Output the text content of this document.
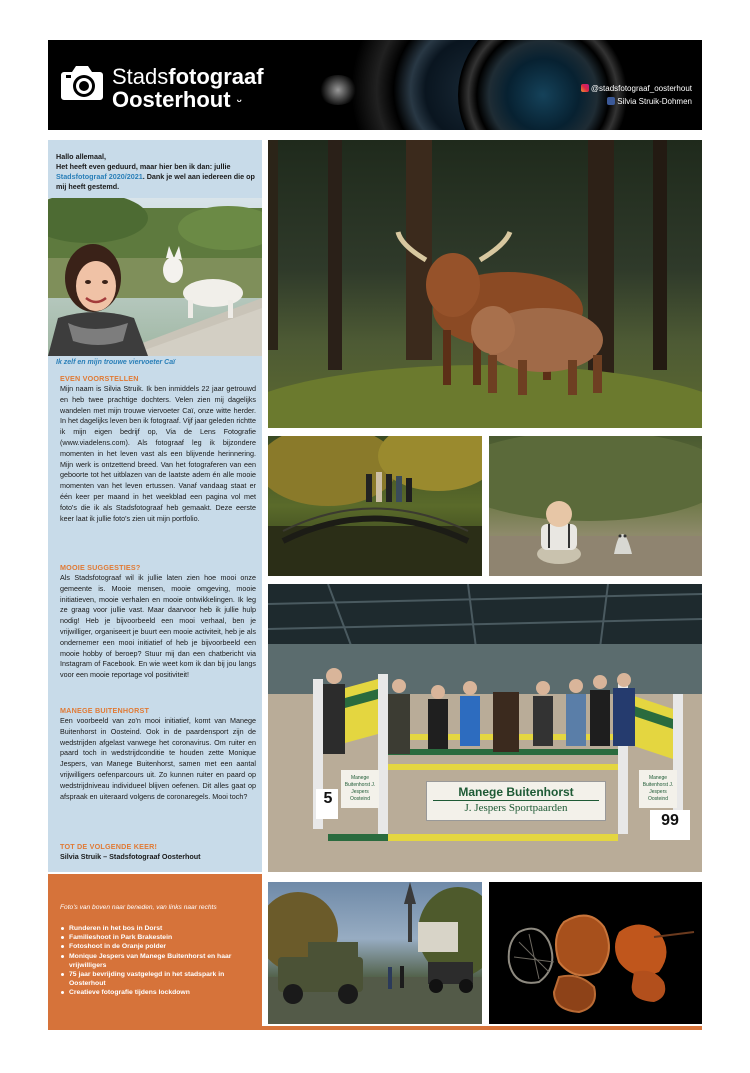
Stadsfotograaf
Oosterhout ᵕ
@stadsfotograaf_oosterhout
Silvia Struik-Dohmen
Hallo allemaal,
Het heeft even geduurd, maar hier ben ik dan: jullie Stadsfotograaf 2020/2021. Dank je wel aan iedereen die op mij heeft gestemd.
Ik zelf en mijn trouwe viervoeter Caï
EVEN VOORSTELLEN
Mijn naam is Silvia Struik. Ik ben inmiddels 22 jaar getrouwd en heb twee prachtige dochters. Velen zien mij dagelijks wandelen met mijn trouwe viervoeter Caï, onze witte herder. In het dagelijks leven ben ik fotograaf. Vijf jaar geleden richtte ik mijn eigen bedrijf op, Via de Lens Fotografie (www.viadelens.com). Als fotograaf leg ik bijzondere momenten in het leven vast als een blijvende herinnering. Mijn werk is ontzettend breed. Van het fotograferen van een geboorte tot het uitblazen van de laatste adem én alle mooie momenten van het leven ertussen. Vanaf vandaag staat er één keer per maand in het weekblad een pagina vol met foto's die ik als Stadsfotograaf heb gemaakt. Deze eerste keer laat ik jullie foto's zien uit mijn portfolio.
MOOIE SUGGESTIES?
Als Stadsfotograaf wil ik jullie laten zien hoe mooi onze gemeente is. Mooie mensen, mooie omgeving, mooie initiatieven, mooie verhalen en mooie ontwikkelingen. Ik leg ze graag voor jullie vast. Maar daarvoor heb ik jullie hulp nodig! Heb je bijvoorbeeld een mooi verhaal, ben je vrijwilliger, organiseert je buurt een mooie activiteit, heb je als ondernemer een mooi initiatief of heb je bijvoorbeeld een mooie hobby of beroep? Stuur mij dan een chatbericht via Instagram of Facebook. En wie weet kom ik dan bij jou langs voor een mooie reportage vol positiviteit!
MANEGE BUITENHORST
Een voorbeeld van zo'n mooi initiatief, komt van Manege Buitenhorst in Oosteind. Ook in de paardensport zijn de wedstrijden afgelast vanwege het coronavirus. Om ruiter en paard toch in wedstrijdconditie te houden zette Monique Jespers, van Manege Buitenhorst, samen met een aantal vrijwilligers oefenparcours uit. Zo kunnen ruiter en paard op wedstrijdniveau individueel blijven oefenen. Dit alles gaat op afspraak en uiteraard volgens de coronaregels. Mooi toch?
TOT DE VOLGENDE KEER!
Silvia Struik – Stadsfotograaf Oosterhout
Manege Buitenhorst
J. Jespers Sportpaarden
Manege Buitenhorst J. Jespers Oosteind
Manege Buitenhorst J. Jespers Oosteind
5
99
Foto's van boven naar beneden, van links naar rechts
Runderen in het bos in Dorst
Familieshoot in Park Brakestein
Fotoshoot in de Oranje polder
Monique Jespers van Manege Buitenhorst en haar vrijwilligers
75 jaar bevrijding vastgelegd in het stadspark in Oosterhout
Creatieve fotografie tijdens lockdown
